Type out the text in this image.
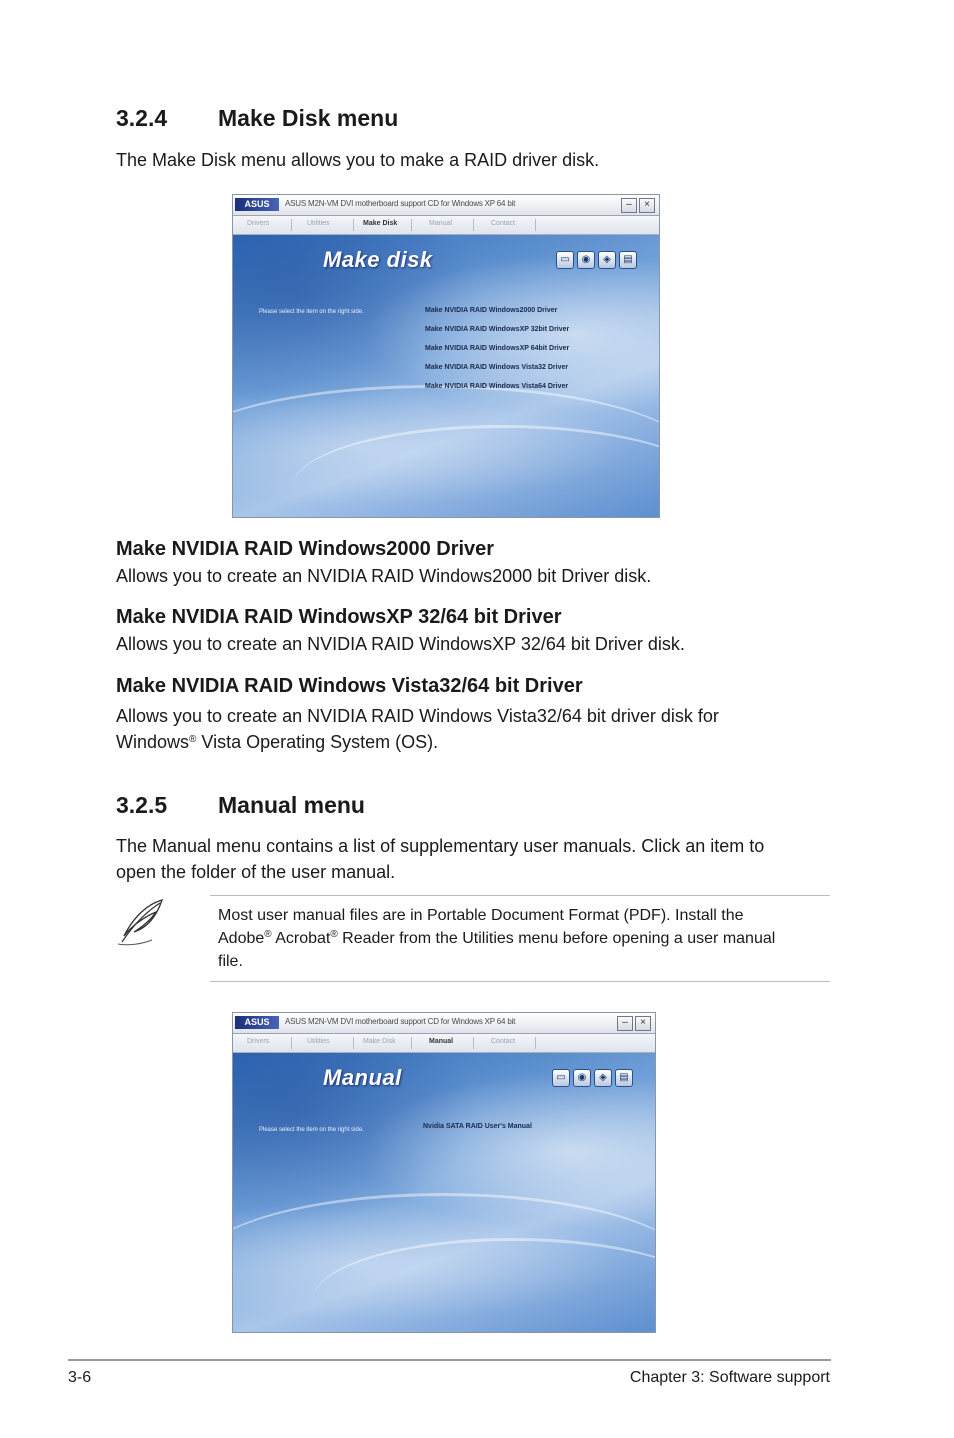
3.2.4 Make Disk menu
The Make Disk menu allows you to make a RAID driver disk.
ASUS	ASUS M2N-VM DVI motherboard support CD for Windows XP 64 bit	–	×
Drivers	Utilities	Make Disk	Manual	Contact
Make disk	▭ ◉ ◈ ▤
Please select the item on the right side.	Make NVIDIA RAID Windows2000 Driver
Make NVIDIA RAID WindowsXP 32bit Driver
Make NVIDIA RAID WindowsXP 64bit Driver
Make NVIDIA RAID Windows Vista32 Driver
Make NVIDIA RAID Windows Vista64 Driver
Make NVIDIA RAID Windows2000 Driver
Allows you to create an NVIDIA RAID Windows2000 bit Driver disk.
Make NVIDIA RAID WindowsXP 32/64 bit Driver
Allows you to create an NVIDIA RAID WindowsXP 32/64 bit Driver disk.
Make NVIDIA RAID Windows Vista32/64 bit Driver
Allows you to create an NVIDIA RAID Windows Vista32/64 bit driver disk for
Windows® Vista Operating System (OS).
3.2.5 Manual menu
The Manual menu contains a list of supplementary user manuals. Click an item to
open the folder of the user manual.
Most user manual files are in Portable Document Format (PDF). Install the
Adobe® Acrobat® Reader from the Utilities menu before opening a user manual
file.
ASUS	ASUS M2N-VM DVI motherboard support CD for Windows XP 64 bit	–	×
Drivers	Utilities	Make Disk	Manual	Contact
Manual	▭ ◉ ◈ ▤
Please select the item on the right side.	Nvidia SATA RAID User's Manual
3-6	Chapter 3: Software support
